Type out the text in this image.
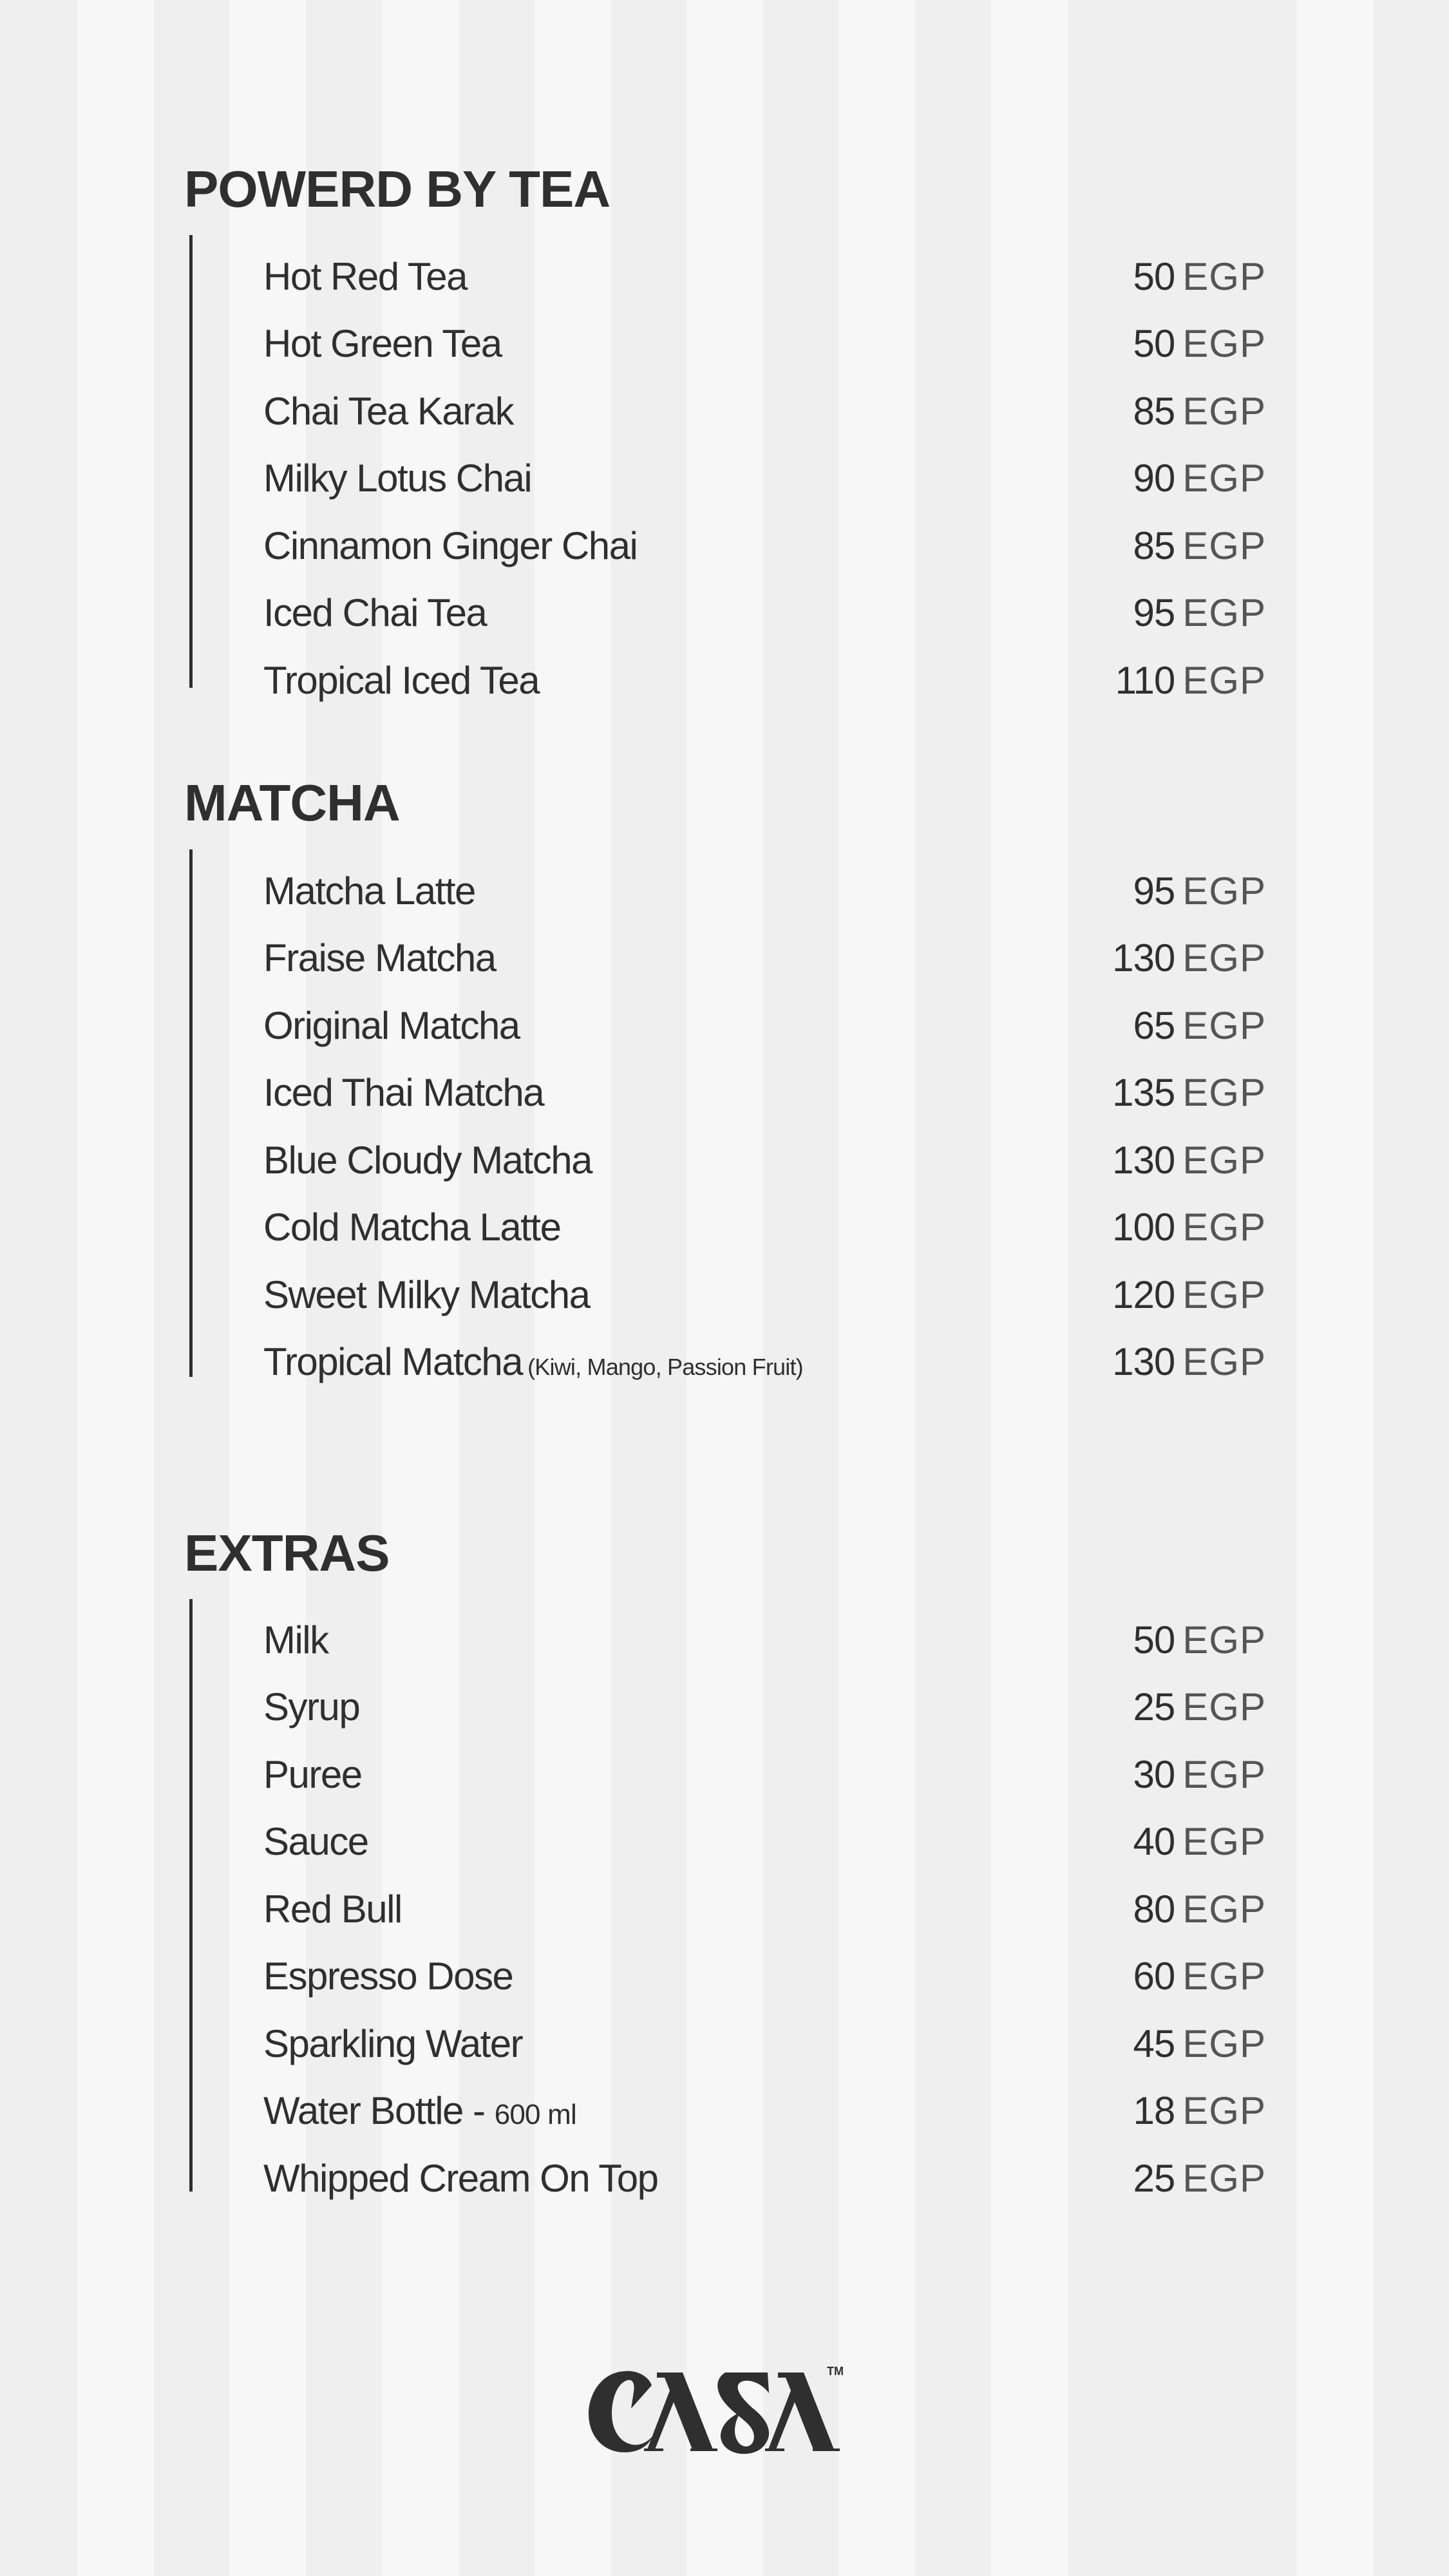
POWERD BY TEA
Hot Red Tea	50 EGP
Hot Green Tea	50 EGP
Chai Tea Karak	85 EGP
Milky Lotus Chai	90 EGP
Cinnamon Ginger Chai	85 EGP
Iced Chai Tea	95 EGP
Tropical Iced Tea	110 EGP
MATCHA
Matcha Latte	95 EGP
Fraise Matcha	130 EGP
Original Matcha	65 EGP
Iced Thai Matcha	135 EGP
Blue Cloudy Matcha	130 EGP
Cold Matcha Latte	100 EGP
Sweet Milky Matcha	120 EGP
Tropical Matcha (Kiwi, Mango, Passion Fruit)	130 EGP
EXTRAS
Milk	50 EGP
Syrup	25 EGP
Puree	30 EGP
Sauce	40 EGP
Red Bull	80 EGP
Espresso Dose	60 EGP
Sparkling Water	45 EGP
Water Bottle - 600 ml	18 EGP
Whipped Cream On Top	25 EGP
TM
